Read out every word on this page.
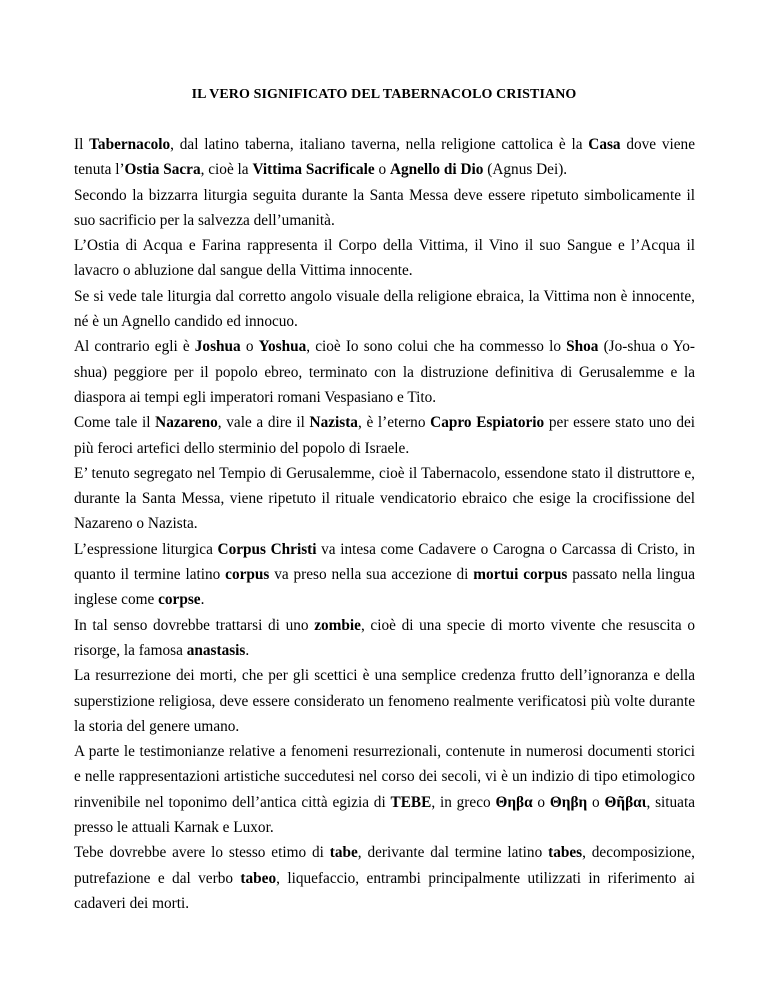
IL VERO SIGNIFICATO DEL TABERNACOLO CRISTIANO

Il Tabernacolo, dal latino taberna, italiano taverna, nella religione cattolica è la Casa dove viene tenuta l’Ostia Sacra, cioè la Vittima Sacrificale o Agnello di Dio (Agnus Dei).

Secondo la bizzarra liturgia seguita durante la Santa Messa deve essere ripetuto simbolicamente il suo sacrificio per la salvezza dell’umanità.

L’Ostia di Acqua e Farina rappresenta il Corpo della Vittima, il Vino il suo Sangue e l’Acqua il lavacro o abluzione dal sangue della Vittima innocente.

Se si vede tale liturgia dal corretto angolo visuale della religione ebraica, la Vittima non è innocente, né è un Agnello candido ed innocuo.

Al contrario egli è Joshua o Yoshua, cioè Io sono colui che ha commesso lo Shoa (Jo-shua o Yo-shua) peggiore per il popolo ebreo, terminato con la distruzione definitiva di Gerusalemme e la diaspora ai tempi egli imperatori romani Vespasiano e Tito.

Come tale il Nazareno, vale a dire il Nazista, è l’eterno Capro Espiatorio per essere stato uno dei più feroci artefici dello sterminio del popolo di Israele.

E’ tenuto segregato nel Tempio di Gerusalemme, cioè il Tabernacolo, essendone stato il distruttore e, durante la Santa Messa, viene ripetuto il rituale vendicatorio ebraico che esige la crocifissione del Nazareno o Nazista.

L’espressione liturgica Corpus Christi va intesa come Cadavere o Carogna o Carcassa di Cristo, in quanto il termine latino corpus va preso nella sua accezione di mortui corpus passato nella lingua inglese come corpse.

In tal senso dovrebbe trattarsi di uno zombie, cioè di una specie di morto vivente che resuscita o risorge, la famosa anastasis.

La resurrezione dei morti, che per gli scettici è una semplice credenza frutto dell’ignoranza e della superstizione religiosa, deve essere considerato un fenomeno realmente verificatosi più volte durante la storia del genere umano.

A parte le testimonianze relative a fenomeni resurrezionali, contenute in numerosi documenti storici e nelle rappresentazioni artistiche succedutesi nel corso dei secoli, vi è un indizio di tipo etimologico rinvenibile nel toponimo dell’antica città egizia di TEBE, in greco Θηβα o Θηβη o Θῆβαι, situata presso le attuali Karnak e Luxor.

Tebe dovrebbe avere lo stesso etimo di tabe, derivante dal termine latino tabes, decomposizione, putrefazione e dal verbo tabeo, liquefaccio, entrambi principalmente utilizzati in riferimento ai cadaveri dei morti.
